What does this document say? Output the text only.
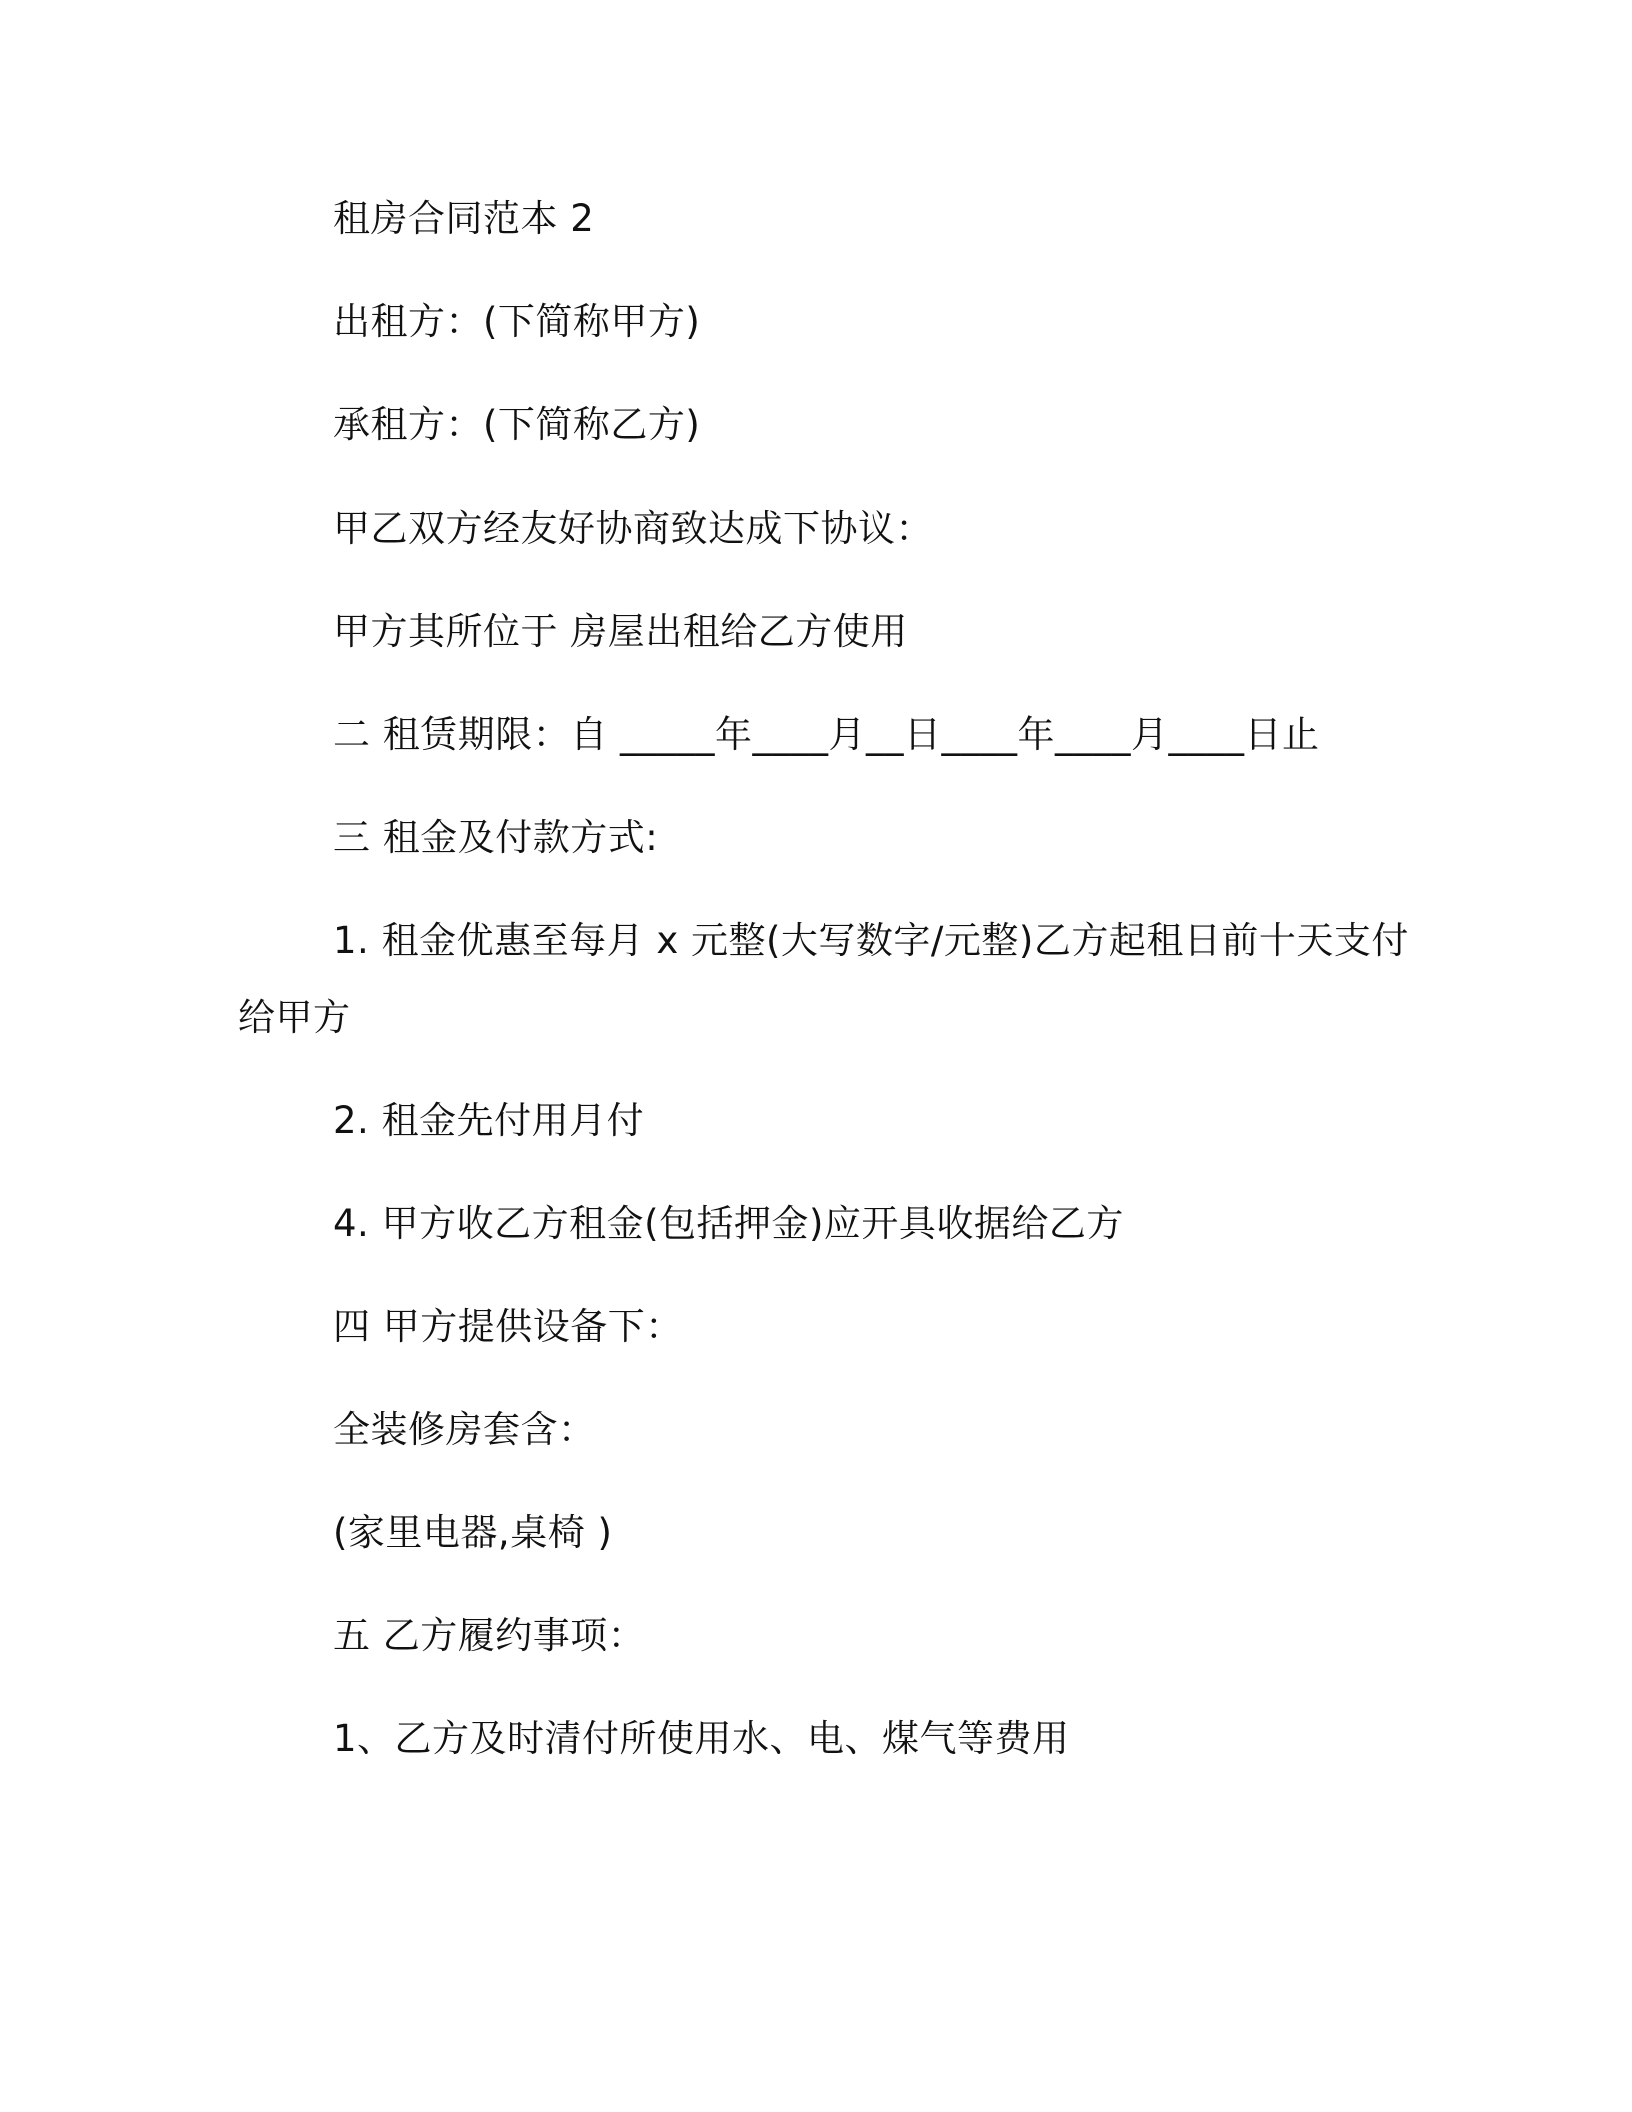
租房合同范本 2

出租方：(下简称甲方)

承租方：(下简称乙方)

甲乙双方经友好协商致达成下协议：

甲方其所位于 房屋出租给乙方使用

二 租赁期限：自 _____年____月__日____年____月____日止

三 租金及付款方式:

1. 租金优惠至每月 x 元整(大写数字/元整)乙方起租日前十天支付

给甲方

2. 租金先付用月付

4. 甲方收乙方租金(包括押金)应开具收据给乙方

四 甲方提供设备下：

全装修房套含：

(家里电器,桌椅 )

五 乙方履约事项：

1、乙方及时清付所使用水、电、煤气等费用
